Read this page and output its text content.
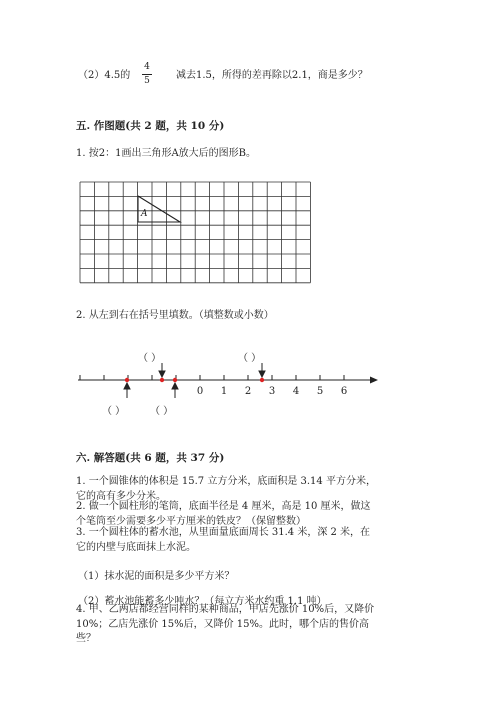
（2）4.5的
4
5	减去1.5，所得的差再除以2.1，商是多少？
五. 作图题(共 2 题，共 10 分)
1. 按2：1画出三角形A放大后的图形B。
A
0 1 2 3 4 5 6
2. 从左到右在括号里填数。（填整数或小数）
（ ）	（ ）
（ ） （ ）
六. 解答题(共 6 题，共 37 分)
1. 一个圆锥体的体积是 15.7 立方分米，底面积是 3.14 平方分米，它的高有多少分米。
2. 做一个圆柱形的笔筒，底面半径是 4 厘米，高是 10 厘米，做这个笔筒至少需要多少平方厘米的铁皮？（保留整数）
3. 一个圆柱体的蓄水池，从里面量底面周长 31.4 米，深 2 米，在它的内壁与底面抹上水泥。
（1）抹水泥的面积是多少平方米？
（2）蓄水池能蓄多少吨水？（每立方米水约重 1.1 吨）
4. 甲、乙两店都经营同样的某种商品，甲店先涨价 10%后，又降价 10%；乙店先涨价 15%后，又降价 15%。此时，哪个店的售价高些？
